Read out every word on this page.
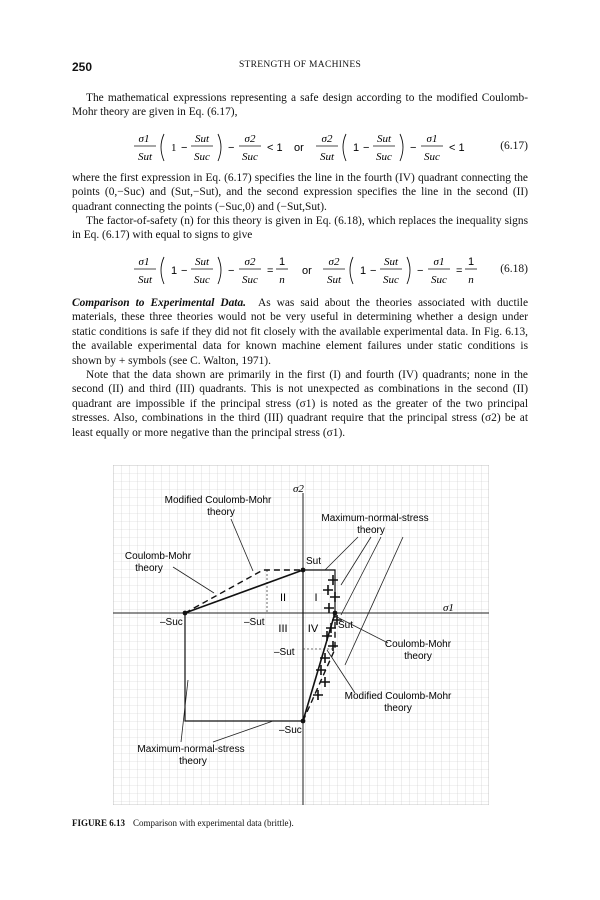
250	STRENGTH OF MACHINES

The mathematical expressions representing a safe design according to the modified Coulomb-Mohr theory are given in Eq. (6.17),

σ1
Sut
1 −
Sut
Suc
−
σ2
Suc
< 1 or
σ2
Sut
1 −
Sut
Suc
−
σ1
Suc
< 1	(6.17)

where the first expression in Eq. (6.17) specifies the line in the fourth (IV) quadrant connecting the points (0,−Suc) and (Sut,−Sut), and the second expression specifies the line in the second (II) quadrant connecting the points (−Suc,0) and (−Sut,Sut).

The factor-of-safety (n) for this theory is given in Eq. (6.18), which replaces the inequality signs in Eq. (6.17) with equal to signs to give

σ1
Sut
1 −
Sut
Suc
−
σ2
Suc
=
1
n
or
σ2
Sut
1 −
Sut
Suc
−
σ1
Suc
=
1
n
(6.18)

Comparison to Experimental Data. As was said about the theories associated with ductile materials, these three theories would not be very useful in determining whether a design under static conditions is safe if they did not fit closely with the available experimental data. In Fig. 6.13, the available experimental data for known machine element failures under static conditions is shown by + symbols (see C. Walton, 1971).

Note that the data shown are primarily in the first (I) and fourth (IV) quadrants; none in the second (II) and third (III) quadrants. This is not unexpected as combinations in the second (II) quadrant are impossible if the principal stress (σ1) is noted as the greater of the two principal stresses. Also, combinations in the third (III) quadrant require that the principal stress (σ2) be at least equally or more negative than the principal stress (σ1).

σ1
σ2
II	I
III IV
–Suc	–Sut
Sut
Sut
–Sut
–Suc
Modified Coulomb-Mohr
theory
Maximum-normal-stress
theory
Coulomb-Mohr
theory
Maximum-normal-stress
theory
Coulomb-Mohr
theory
Modified Coulomb-Mohr
theory
FIGURE 6.13 Comparison with experimental data (brittle).
